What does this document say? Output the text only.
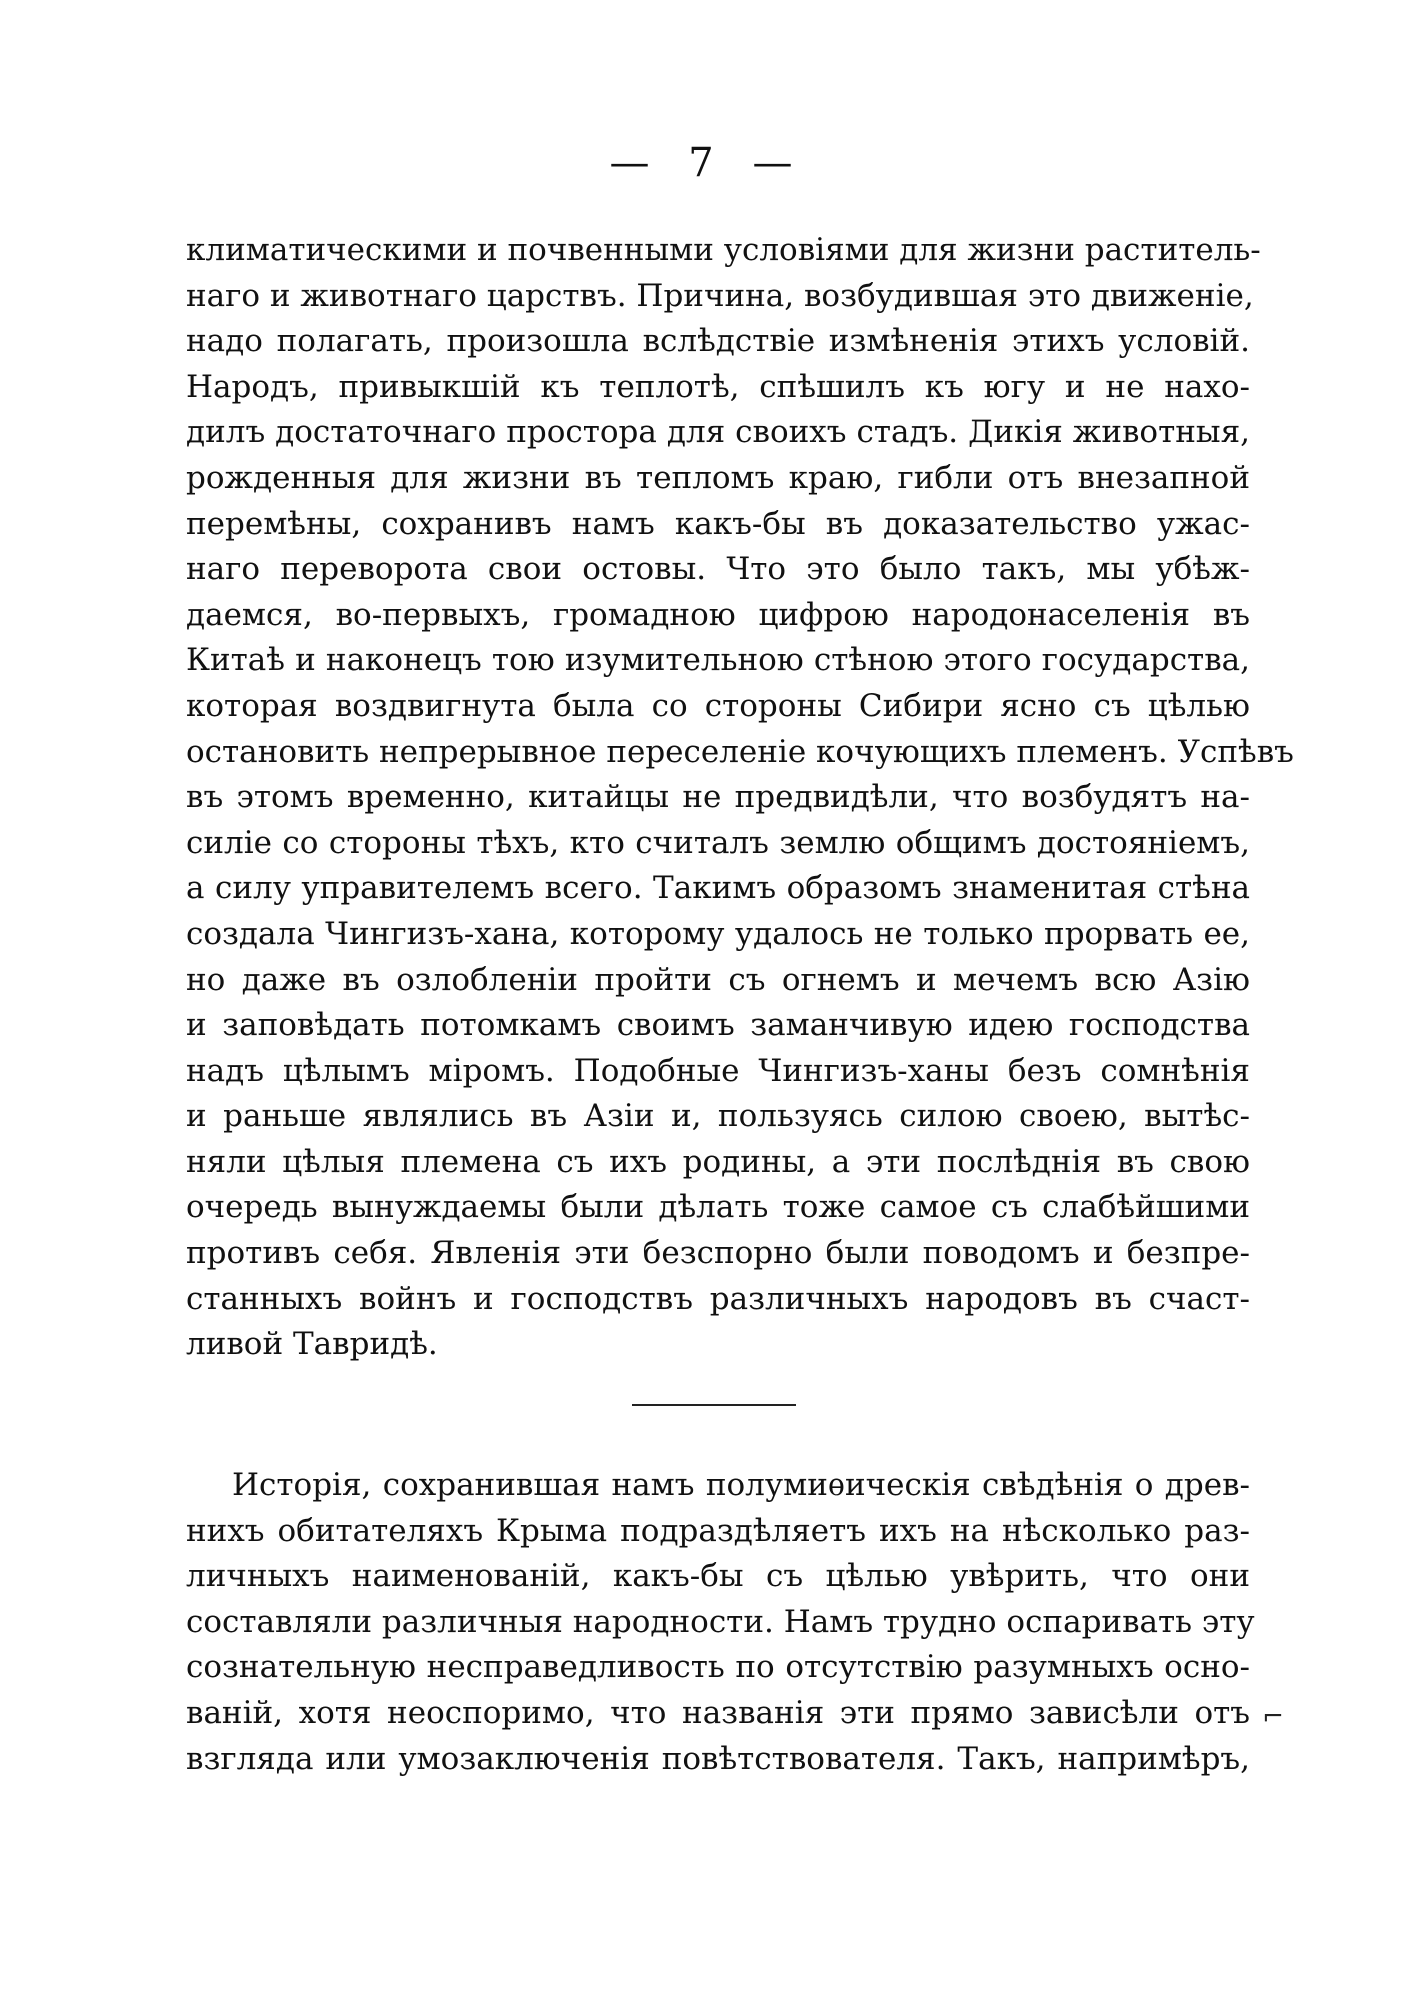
— 7 —

климатическими и почвенными условіями для жизни раститель-
наго и животнаго царствъ. Причина, возбудившая это движеніе,
надо полагать, произошла вслѣдствіе измѣненія этихъ условій.
Народъ, привыкшій къ теплотѣ, спѣшилъ къ югу и не нахо-
дилъ достаточнаго простора для своихъ стадъ. Дикія животныя,
рожденныя для жизни въ тепломъ краю, гибли отъ внезапной
перемѣны, сохранивъ намъ какъ-бы въ доказательство ужас-
наго переворота свои остовы. Что это было такъ, мы убѣж-
даемся, во-первыхъ, громадною цифрою народонаселенія въ
Китаѣ и наконецъ тою изумительною стѣною этого государства,
которая воздвигнута была со стороны Сибири ясно съ цѣлью
остановить непрерывное переселеніе кочующихъ племенъ. Успѣвъ
въ этомъ временно, китайцы не предвидѣли, что возбудятъ на-
силіе со стороны тѣхъ, кто считалъ землю общимъ достояніемъ,
а силу управителемъ всего. Такимъ образомъ знаменитая стѣна
создала Чингизъ-хана, которому удалось не только прорвать ее,
но даже въ озлобленіи пройти съ огнемъ и мечемъ всю Азію
и заповѣдать потомкамъ своимъ заманчивую идею господства
надъ цѣлымъ міромъ. Подобные Чингизъ-ханы безъ сомнѣнія
и раньше являлись въ Азіи и, пользуясь силою своею, вытѣс-
няли цѣлыя племена съ ихъ родины, а эти послѣднія въ свою
очередь вынуждаемы были дѣлать тоже самое съ слабѣйшими
противъ себя. Явленія эти безспорно были поводомъ и безпре-
станныхъ войнъ и господствъ различныхъ народовъ въ счаст-
ливой Тавридѣ.
Исторія, сохранившая намъ полумиѳическія свѣдѣнія о древ-
нихъ обитателяхъ Крыма подраздѣляетъ ихъ на нѣсколько раз-
личныхъ наименованій, какъ-бы съ цѣлью увѣрить, что они
составляли различныя народности. Намъ трудно оспаривать эту
сознательную несправедливость по отсутствію разумныхъ осно-
ваній, хотя неоспоримо, что названія эти прямо зависѣли отъ
взгляда или умозаключенія повѣтствователя. Такъ, напримѣръ,

⌐
